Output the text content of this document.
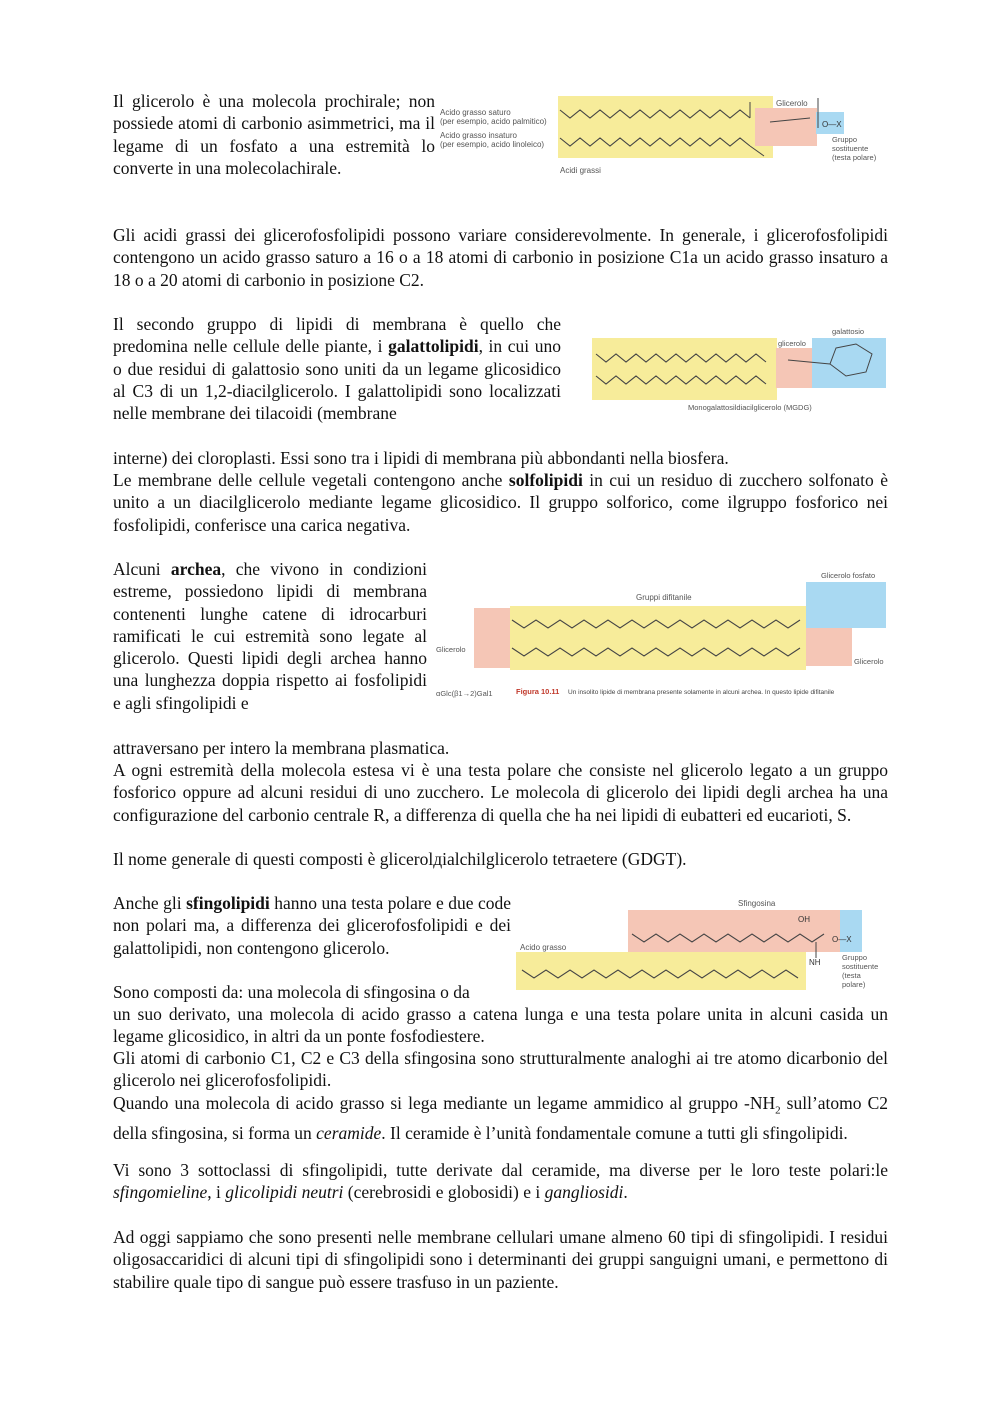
Il glicerolo è una molecola prochirale; non possiede atomi di carbonio asimmetrici, ma il legame di un fosfato a una estremità lo converte in una molecolachirale.

Acido grasso saturo
(per esempio, acido palmitico)
Acido grasso insaturo
(per esempio, acido linoleico)
Acidi grassi
Glicerolo
O—X
Gruppo
sostituente
(testa polare)

Gli acidi grassi dei glicerofosfolipidi possono variare considerevolmente. In generale, i glicerofosfolipidi contengono un acido grasso saturo a 16 o a 18 atomi di carbonio in posizione C1a un acido grasso insaturo a 18 o a 20 atomi di carbonio in posizione C2.

Il secondo gruppo di lipidi di membrana è quello che predomina nelle cellule delle piante, i galattolipidi, in cui uno o due residui di galattosio sono uniti da un legame glicosidico al C3 di un 1,2-diacilglicerolo. I galattolipidi sono localizzati nelle membrane dei tilacoidi (membrane

glicerolo
galattosio
Monogalattosildiacilglicerolo (MGDG)

interne) dei cloroplasti. Essi sono tra i lipidi di membrana più abbondanti nella biosfera.

Le membrane delle cellule vegetali contengono anche solfolipidi in cui un residuo di zucchero solfonato è unito a un diacilglicerolo mediante legame glicosidico. Il gruppo solforico, come ilgruppo fosforico nei fosfolipidi, conferisce una carica negativa.

Alcuni archea, che vivono in condizioni estreme, possiedono lipidi di membrana contenenti lunghe catene di idrocarburi ramificati le cui estremità sono legate al glicerolo. Questi lipidi degli archea hanno una lunghezza doppia rispetto ai fosfolipidi e agli sfingolipidi e

Gruppi difitanile
Glicerolo fosfato
Glicerolo
Glicerolo
αGlc(β1→2)Gal1	Figura 10.11 Un insolito lipide di membrana presente solamente in alcuni archea. In questo lipide difitanile

attraversano per intero la membrana plasmatica.

A ogni estremità della molecola estesa vi è una testa polare che consiste nel glicerolo legato a un gruppo fosforico oppure ad alcuni residui di uno zucchero. Le molecola di glicerolo dei lipidi degli archea ha una configurazione del carbonio centrale R, a differenza di quella che ha nei lipidi di eubatteri ed eucarioti, S.

Il nome generale di questi composti è glicerolдialchilglicerolo tetraetere (GDGT).

Anche gli sfingolipidi hanno una testa polare e due code non polari ma, a differenza dei glicerofosfolipidi e dei galattolipidi, non contengono glicerolo.

Sono composti da: una molecola di sfingosina o da

Sfingosina
Acido grasso
OH
NH
O—X
Gruppo
sostituente
(testa
polare)

un suo derivato, una molecola di acido grasso a catena lunga e una testa polare unita in alcuni casida un legame glicosidico, in altri da un ponte fosfodiestere.

Gli atomi di carbonio C1, C2 e C3 della sfingosina sono strutturalmente analoghi ai tre atomo dicarbonio del glicerolo nei glicerofosfolipidi.

Quando una molecola di acido grasso si lega mediante un legame ammidico al gruppo $-NH_2$ sull’atomo C2 della sfingosina, si forma un ceramide. Il ceramide è l’unità fondamentale comune a tutti gli sfingolipidi.

Vi sono 3 sottoclassi di sfingolipidi, tutte derivate dal ceramide, ma diverse per le loro teste polari:le sfingomieline, i glicolipidi neutri (cerebrosidi e globosidi) e i gangliosidi.

Ad oggi sappiamo che sono presenti nelle membrane cellulari umane almeno 60 tipi di sfingolipidi. I residui oligosaccaridici di alcuni tipi di sfingolipidi sono i determinanti dei gruppi sanguigni umani, e permettono di stabilire quale tipo di sangue può essere trasfuso in un paziente.
